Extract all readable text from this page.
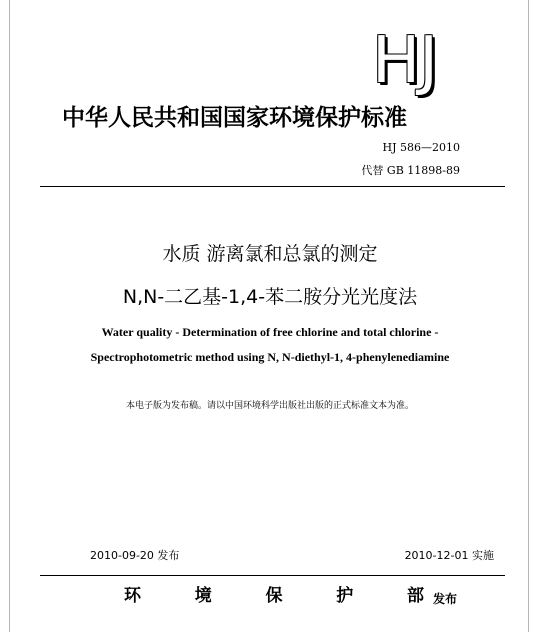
HJ
中华人民共和国国家环境保护标准
HJ 586—2010
代替 GB 11898-89
水质 游离氯和总氯的测定
N,N-二乙基-1,4-苯二胺分光光度法
Water quality - Determination of free chlorine and total chlorine -
Spectrophotometric method using N, N-diethyl-1, 4-phenylenediamine
本电子版为发布稿。请以中国环境科学出版社出版的正式标准文本为准。
2010-09-20 发布	2010-12-01 实施
环	境	保	护	部 发布
